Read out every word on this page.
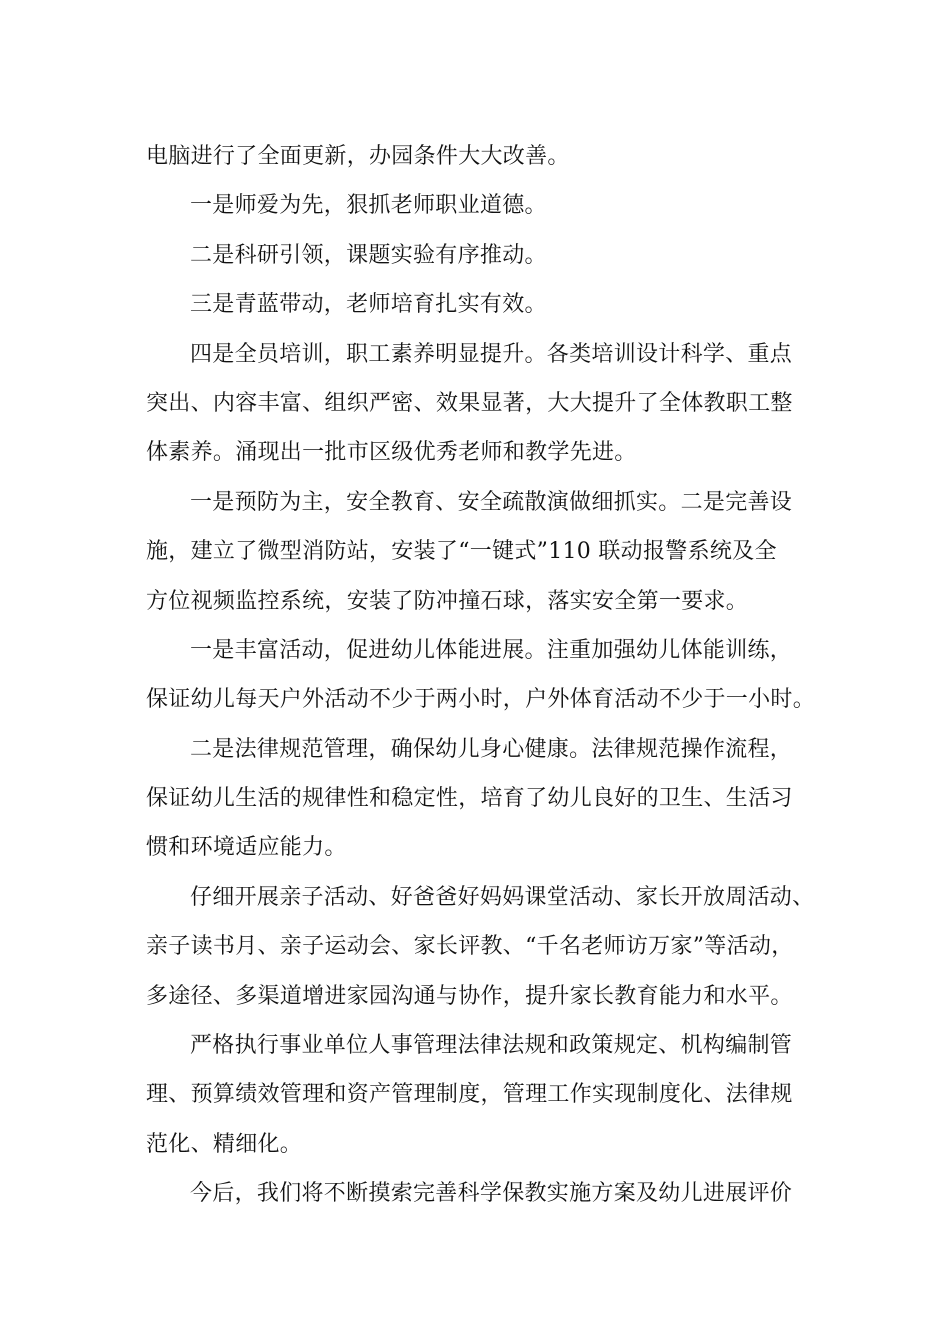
电脑进行了全面更新，办园条件大大改善。
一是师爱为先，狠抓老师职业道德。
二是科研引领，课题实验有序推动。
三是青蓝带动，老师培育扎实有效。
四是全员培训，职工素养明显提升。各类培训设计科学、重点
突出、内容丰富、组织严密、效果显著，大大提升了全体教职工整
体素养。涌现出一批市区级优秀老师和教学先进。
一是预防为主，安全教育、安全疏散演做细抓实。二是完善设
施，建立了微型消防站，安装了“一键式”110 联动报警系统及全
方位视频监控系统，安装了防冲撞石球，落实安全第一要求。
一是丰富活动，促进幼儿体能进展。注重加强幼儿体能训练，
保证幼儿每天户外活动不少于两小时，户外体育活动不少于一小时。
二是法律规范管理，确保幼儿身心健康。法律规范操作流程，
保证幼儿生活的规律性和稳定性，培育了幼儿良好的卫生、生活习
惯和环境适应能力。
仔细开展亲子活动、好爸爸好妈妈课堂活动、家长开放周活动、
亲子读书月、亲子运动会、家长评教、“千名老师访万家”等活动，
多途径、多渠道增进家园沟通与协作，提升家长教育能力和水平。
严格执行事业单位人事管理法律法规和政策规定、机构编制管
理、预算绩效管理和资产管理制度，管理工作实现制度化、法律规
范化、精细化。
今后，我们将不断摸索完善科学保教实施方案及幼儿进展评价
